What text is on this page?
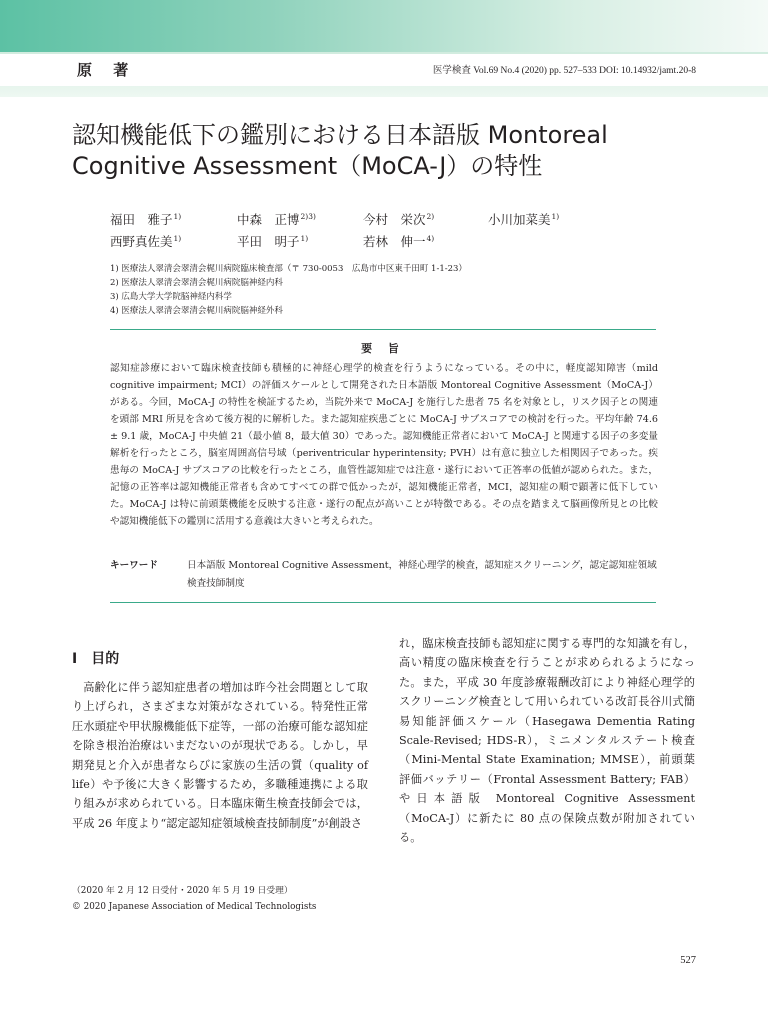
原 著	医学検査 Vol.69 No.4 (2020) pp. 527–533 DOI: 10.14932/jamt.20-8
認知機能低下の鑑別における日本語版 Montoreal Cognitive Assessment（MoCA-J）の特性
福田　雅子$^{1)}$	中森　正博$^{2)3)}$	今村　栄次$^{2)}$	小川加菜美$^{1)}$
西野真佐美$^{1)}$	平田　明子$^{1)}$	若林　伸一$^{4)}$
1) 医療法人翠清会翠清会梶川病院臨床検査部（〒 730-0053　広島市中区東千田町 1-1-23）
2) 医療法人翠清会翠清会梶川病院脳神経内科
3) 広島大学大学院脳神経内科学
4) 医療法人翠清会翠清会梶川病院脳神経外科
要 旨
認知症診療において臨床検査技師も積極的に神経心理学的検査を行うようになっている。その中に，軽度認知障害（mild cognitive impairment; MCI）の評価スケールとして開発された日本語版 Montoreal Cognitive Assessment（MoCA-J）がある。今回，MoCA-J の特性を検証するため，当院外来で MoCA-J を施行した患者 75 名を対象とし，リスク因子との関連を頭部 MRI 所見を含めて後方視的に解析した。また認知症疾患ごとに MoCA-J サブスコアでの検討を行った。平均年齢 74.6 ± 9.1 歳，MoCA-J 中央値 21（最小値 8，最大値 30）であった。認知機能正常者において MoCA-J と関連する因子の多変量解析を行ったところ，脳室周囲高信号域（periventricular hyperintensity; PVH）は有意に独立した相関因子であった。疾患毎の MoCA-J サブスコアの比較を行ったところ，血管性認知症では注意・遂行において正答率の低値が認められた。また，記憶の正答率は認知機能正常者も含めてすべての群で低かったが，認知機能正常者，MCI，認知症の順で顕著に低下していた。MoCA-J は特に前頭葉機能を反映する注意・遂行の配点が高いことが特徴である。その点を踏まえて脳画像所見との比較や認知機能低下の鑑別に活用する意義は大きいと考えられた。
キーワード	日本語版 Montoreal Cognitive Assessment，神経心理学的検査，認知症スクリーニング，認定認知症領域検査技師制度
I　目的
高齢化に伴う認知症患者の増加は昨今社会問題として取り上げられ，さまざまな対策がなされている。特発性正常圧水頭症や甲状腺機能低下症等，一部の治療可能な認知症を除き根治治療はいまだないのが現状である。しかし，早期発見と介入が患者ならびに家族の生活の質（quality of life）や予後に大きく影響するため，多職種連携による取り組みが求められている。日本臨床衛生検査技師会では，平成 26 年度より“認定認知症領域検査技師制度”が創設さ
れ，臨床検査技師も認知症に関する専門的な知識を有し，高い精度の臨床検査を行うことが求められるようになった。また，平成 30 年度診療報酬改訂により神経心理学的スクリーニング検査として用いられている改訂長谷川式簡易知能評価スケール（Hasegawa Dementia Rating Scale-Revised; HDS-R），ミニメンタルステート検査（Mini-Mental State Examination; MMSE），前頭葉評価バッテリー（Frontal Assessment Battery; FAB）や日本語版 Montoreal Cognitive Assessment（MoCA-J）に新たに 80 点の保険点数が附加されている。
（2020 年 2 月 12 日受付・2020 年 5 月 19 日受理）
© 2020 Japanese Association of Medical Technologists
527
